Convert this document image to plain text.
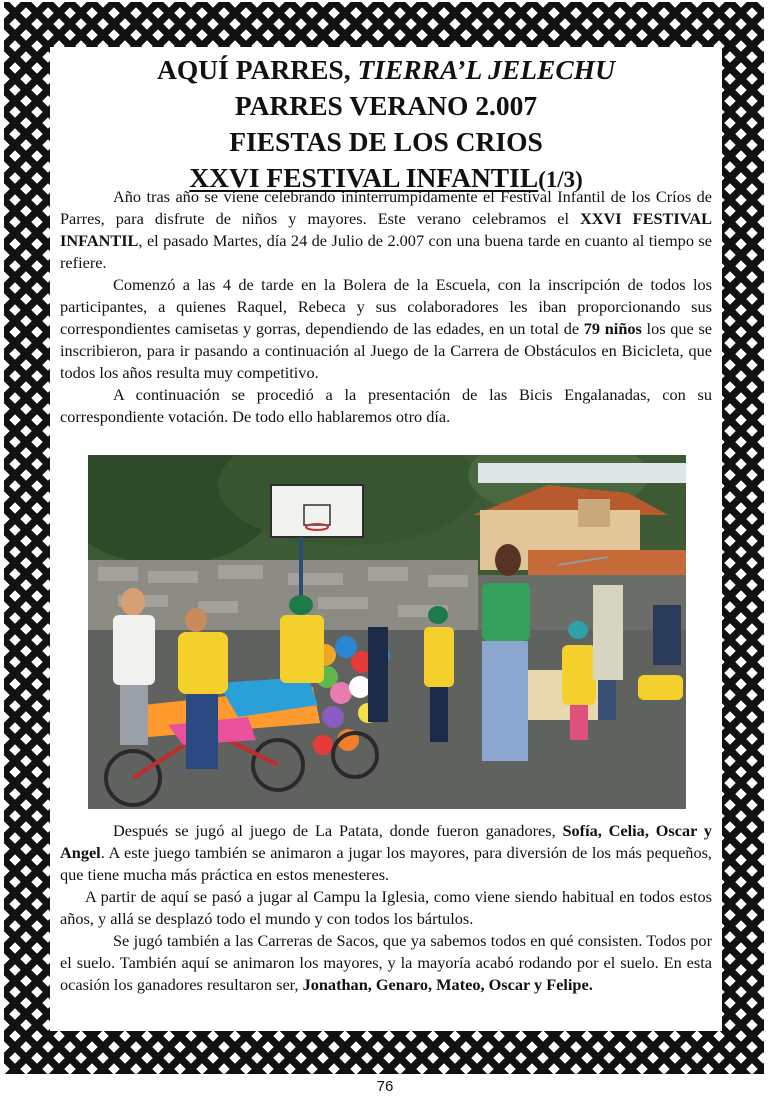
AQUÍ PARRES, TIERRA’L JELECHU
PARRES VERANO 2.007
FIESTAS DE LOS CRIOS
XXVI FESTIVAL INFANTIL(1/3)

Año tras año se viene celebrando ininterrumpidamente el Festival Infantil de los Críos de Parres, para disfrute de niños y mayores. Este verano celebramos el XXVI FESTIVAL INFANTIL, el pasado Martes, día 24 de Julio de 2.007 con una buena tarde en cuanto al tiempo se refiere.

Comenzó a las 4 de tarde en la Bolera de la Escuela, con la inscripción de todos los participantes, a quienes Raquel, Rebeca y sus colaboradores les iban proporcionando sus correspondientes camisetas y gorras, dependiendo de las edades, en un total de 79 niños los que se inscribieron, para ir pasando a continuación al Juego de la Carrera de Obstáculos en Bicicleta, que todos los años resulta muy competitivo.

A continuación se procedió a la presentación de las Bicis Engalanadas, con su correspondiente votación. De todo ello hablaremos otro día.

Después se jugó al juego de La Patata, donde fueron ganadores, Sofía, Celia, Oscar y Angel. A este juego también se animaron a jugar los mayores, para diversión de los más pequeños, que tiene mucha más práctica en estos menesteres.

A partir de aquí se pasó a jugar al Campu la Iglesia, como viene siendo habitual en todos estos años, y allá se desplazó todo el mundo y con todos los bártulos.

Se jugó también a las Carreras de Sacos, que ya sabemos todos en qué consisten. Todos por el suelo. También aquí se animaron los mayores, y la mayoría acabó rodando por el suelo. En esta ocasión los ganadores resultaron ser, Jonathan, Genaro, Mateo, Oscar y Felipe.

76
